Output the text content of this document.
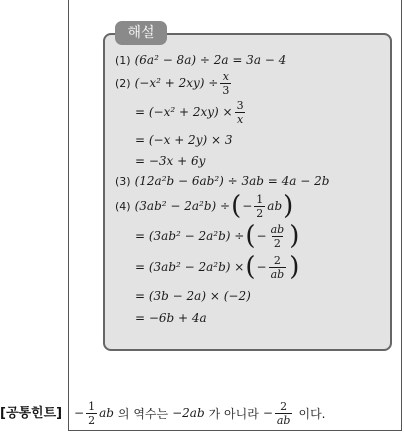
해설
(1) (6a² − 8a) ÷ 2a = 3a − 4
(2) $(-x^2 + 2xy) \div \frac{x}{3}$
= $(-x^2 + 2xy) \times \frac{3}{x}$
= (−x + 2y) × 3
= −3x + 6y
(3) (12a²b − 6ab²) ÷ 3ab = 4a − 2b
(4) (3ab² − 2a²b) ÷ ( − $\frac{1}{2}$ ab )
= (3ab² − 2a²b) ÷ ( − $\frac{ab}{2}$ )
= (3ab² − 2a²b) × ( − $\frac{2}{ab}$ )
= (3b − 2a) × (−2)
= −6b + 4a
[공통힌트] − $\frac{1}{2}$ ab 의 역수는 −2ab 가 아니라 − $\frac{2}{ab}$ 이다.
